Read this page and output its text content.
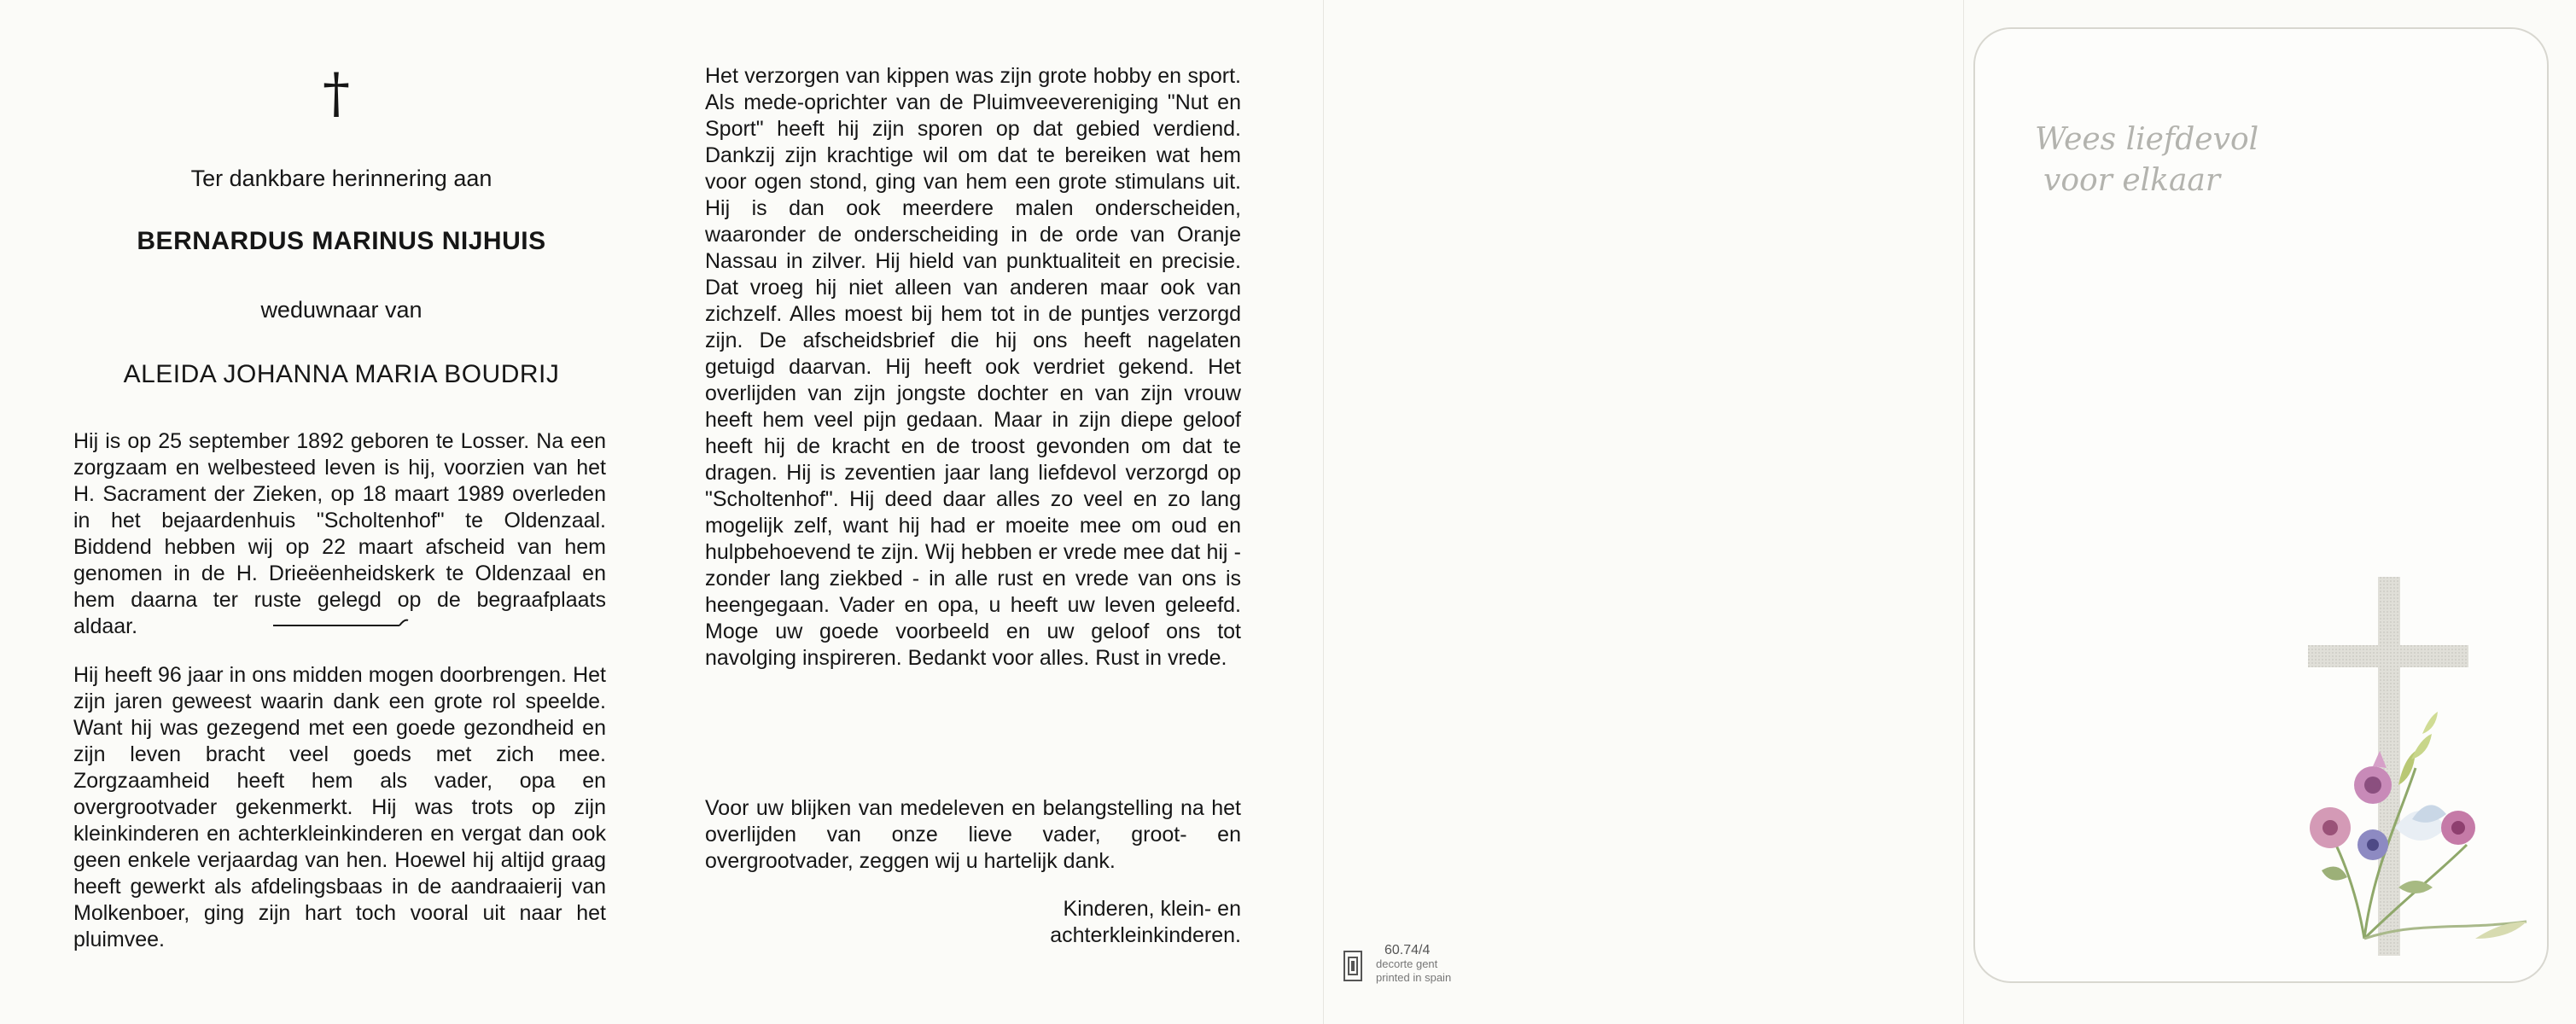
†
Ter dankbare herinnering aan
BERNARDUS MARINUS NIJHUIS
weduwnaar van
ALEIDA JOHANNA MARIA BOUDRIJ

Hij is op 25 september 1892 geboren te Losser. Na een zorgzaam en welbesteed leven is hij, voorzien van het H. Sacrament der Zieken, op 18 maart 1989 overleden in het bejaardenhuis "Scholtenhof" te Oldenzaal. Biddend hebben wij op 22 maart afscheid van hem genomen in de H. Drieëenheidskerk te Oldenzaal en hem daarna ter ruste gelegd op de begraafplaats aldaar.

Hij heeft 96 jaar in ons midden mogen doorbrengen. Het zijn jaren geweest waarin dank een grote rol speelde. Want hij was gezegend met een goede gezondheid en zijn leven bracht veel goeds met zich mee. Zorgzaamheid heeft hem als vader, opa en overgrootvader gekenmerkt. Hij was trots op zijn kleinkinderen en achterkleinkinderen en vergat dan ook geen enkele verjaardag van hen. Hoewel hij altijd graag heeft gewerkt als afdelingsbaas in de aandraaierij van Molkenboer, ging zijn hart toch vooral uit naar het pluimvee.

Het verzorgen van kippen was zijn grote hobby en sport. Als mede-oprichter van de Pluimveevereniging "Nut en Sport" heeft hij zijn sporen op dat gebied verdiend. Dankzij zijn krachtige wil om dat te bereiken wat hem voor ogen stond, ging van hem een grote stimulans uit. Hij is dan ook meerdere malen onderscheiden, waaronder de onderscheiding in de orde van Oranje Nassau in zilver. Hij hield van punktualiteit en precisie. Dat vroeg hij niet alleen van anderen maar ook van zichzelf. Alles moest bij hem tot in de puntjes verzorgd zijn. De afscheidsbrief die hij ons heeft nagelaten getuigd daarvan. Hij heeft ook verdriet gekend. Het overlijden van zijn jongste dochter en van zijn vrouw heeft hem veel pijn gedaan. Maar in zijn diepe geloof heeft hij de kracht en de troost gevonden om dat te dragen. Hij is zeventien jaar lang liefdevol verzorgd op "Scholtenhof". Hij deed daar alles zo veel en zo lang mogelijk zelf, want hij had er moeite mee om oud en hulpbehoevend te zijn. Wij hebben er vrede mee dat hij - zonder lang ziekbed - in alle rust en vrede van ons is heengegaan. Vader en opa, u heeft uw leven geleefd. Moge uw goede voorbeeld en uw geloof ons tot navolging inspireren. Bedankt voor alles. Rust in vrede.

Voor uw blijken van medeleven en belangstelling na het overlijden van onze lieve vader, groot- en overgrootvader, zeggen wij u hartelijk dank.

Kinderen, klein- en
achterkleinkinderen.
60.74/4
decorte gent
printed in spain
Wees liefdevol
voor elkaar
